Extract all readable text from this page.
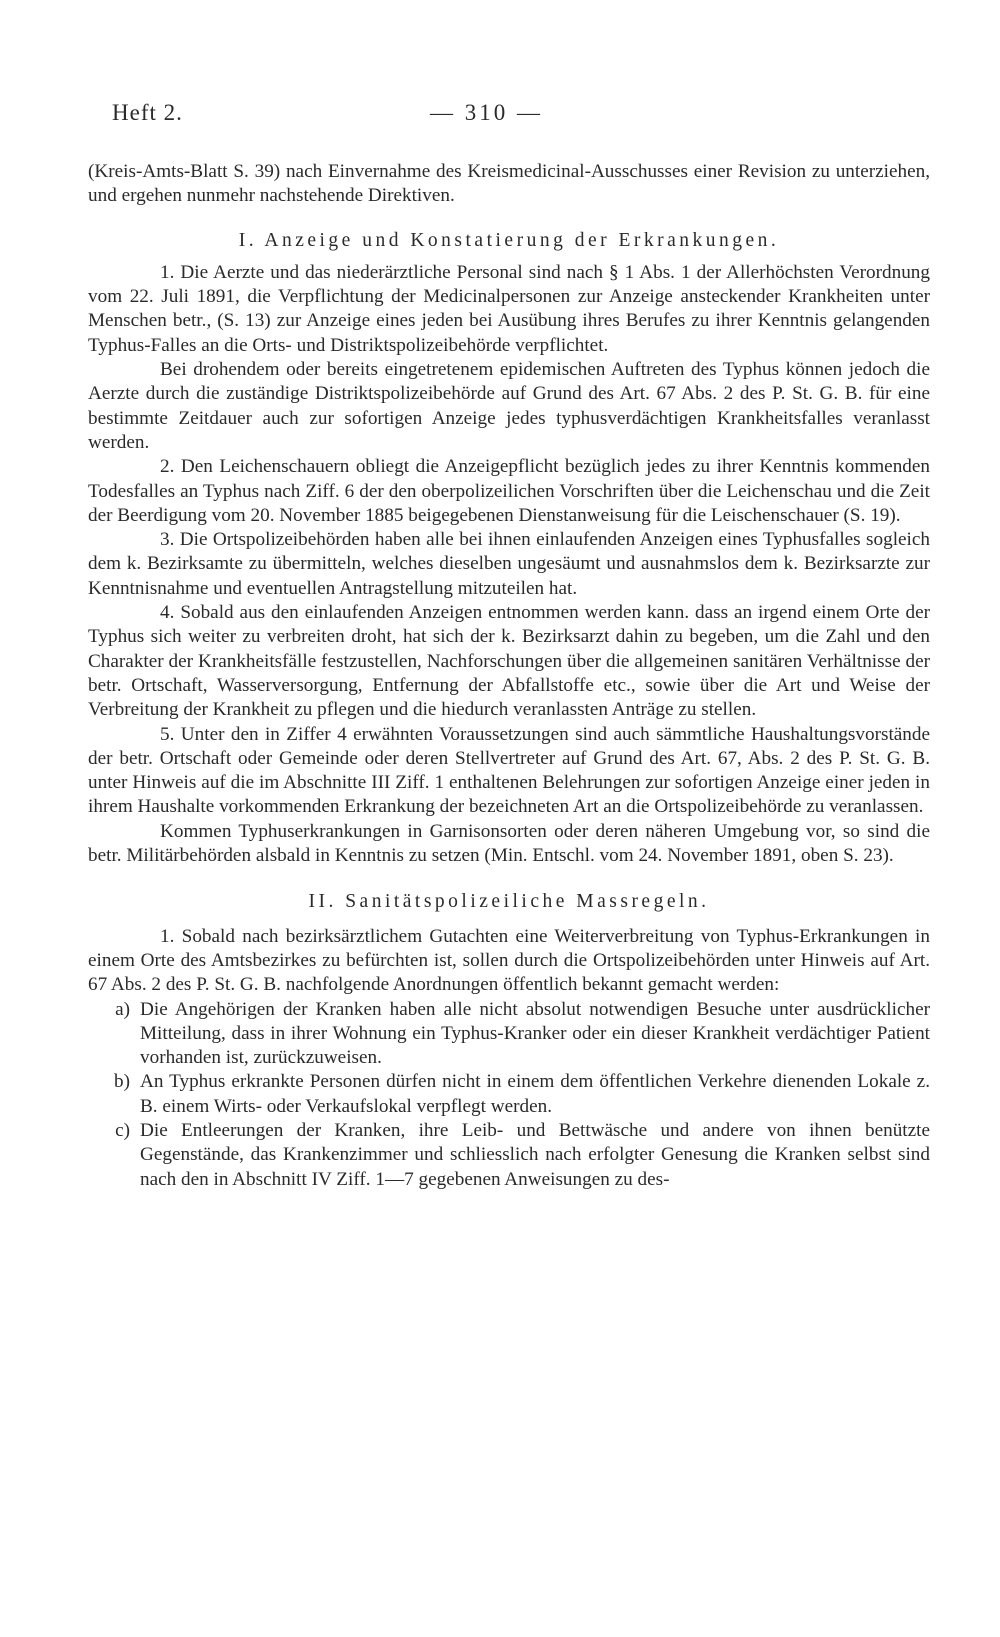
Heft 2.	— 310 —

(Kreis-Amts-Blatt S. 39) nach Einvernahme des Kreismedicinal-Ausschusses einer Revision zu unterziehen, und ergehen nunmehr nachstehende Direktiven.

I. Anzeige und Konstatierung der Erkrankungen.

1. Die Aerzte und das niederärztliche Personal sind nach § 1 Abs. 1 der Allerhöchsten Verordnung vom 22. Juli 1891, die Verpflichtung der Medicinalpersonen zur Anzeige ansteckender Krankheiten unter Menschen betr., (S. 13) zur Anzeige eines jeden bei Ausübung ihres Berufes zu ihrer Kenntnis gelangenden Typhus-Falles an die Orts- und Distriktspolizeibehörde verpflichtet.

Bei drohendem oder bereits eingetretenem epidemischen Auftreten des Typhus können jedoch die Aerzte durch die zuständige Distriktspolizeibehörde auf Grund des Art. 67 Abs. 2 des P. St. G. B. für eine bestimmte Zeitdauer auch zur sofortigen Anzeige jedes typhusverdächtigen Krankheitsfalles veranlasst werden.

2. Den Leichenschauern obliegt die Anzeigepflicht bezüglich jedes zu ihrer Kenntnis kommenden Todesfalles an Typhus nach Ziff. 6 der den oberpolizeilichen Vorschriften über die Leichenschau und die Zeit der Beerdigung vom 20. November 1885 beigegebenen Dienstanweisung für die Leischenschauer (S. 19).

3. Die Ortspolizeibehörden haben alle bei ihnen einlaufenden Anzeigen eines Typhusfalles sogleich dem k. Bezirksamte zu übermitteln, welches dieselben ungesäumt und ausnahmslos dem k. Bezirksarzte zur Kenntnisnahme und eventuellen Antragstellung mitzuteilen hat.

4. Sobald aus den einlaufenden Anzeigen entnommen werden kann. dass an irgend einem Orte der Typhus sich weiter zu verbreiten droht, hat sich der k. Bezirksarzt dahin zu begeben, um die Zahl und den Charakter der Krankheitsfälle festzustellen, Nachforschungen über die allgemeinen sanitären Verhältnisse der betr. Ortschaft, Wasserversorgung, Entfernung der Abfallstoffe etc., sowie über die Art und Weise der Verbreitung der Krankheit zu pflegen und die hiedurch veranlassten Anträge zu stellen.

5. Unter den in Ziffer 4 erwähnten Voraussetzungen sind auch sämmtliche Haushaltungsvorstände der betr. Ortschaft oder Gemeinde oder deren Stellvertreter auf Grund des Art. 67, Abs. 2 des P. St. G. B. unter Hinweis auf die im Abschnitte III Ziff. 1 enthaltenen Belehrungen zur sofortigen Anzeige einer jeden in ihrem Haushalte vorkommenden Erkrankung der bezeichneten Art an die Ortspolizeibehörde zu veranlassen.

Kommen Typhuserkrankungen in Garnisonsorten oder deren näheren Umgebung vor, so sind die betr. Militärbehörden alsbald in Kenntnis zu setzen (Min. Entschl. vom 24. November 1891, oben S. 23).

II. Sanitätspolizeiliche Massregeln.

1. Sobald nach bezirksärztlichem Gutachten eine Weiterverbreitung von Typhus-Erkrankungen in einem Orte des Amtsbezirkes zu befürchten ist, sollen durch die Ortspolizeibehörden unter Hinweis auf Art. 67 Abs. 2 des P. St. G. B. nachfolgende Anordnungen öffentlich bekannt gemacht werden:

a) Die Angehörigen der Kranken haben alle nicht absolut notwendigen Besuche unter ausdrücklicher Mitteilung, dass in ihrer Wohnung ein Typhus-Kranker oder ein dieser Krankheit verdächtiger Patient vorhanden ist, zurückzuweisen.
b) An Typhus erkrankte Personen dürfen nicht in einem dem öffentlichen Verkehre dienenden Lokale z. B. einem Wirts- oder Verkaufslokal verpflegt werden.
c) Die Entleerungen der Kranken, ihre Leib- und Bettwäsche und andere von ihnen benützte Gegenstände, das Krankenzimmer und schliesslich nach erfolgter Genesung die Kranken selbst sind nach den in Abschnitt IV Ziff. 1—7 gegebenen Anweisungen zu des-
